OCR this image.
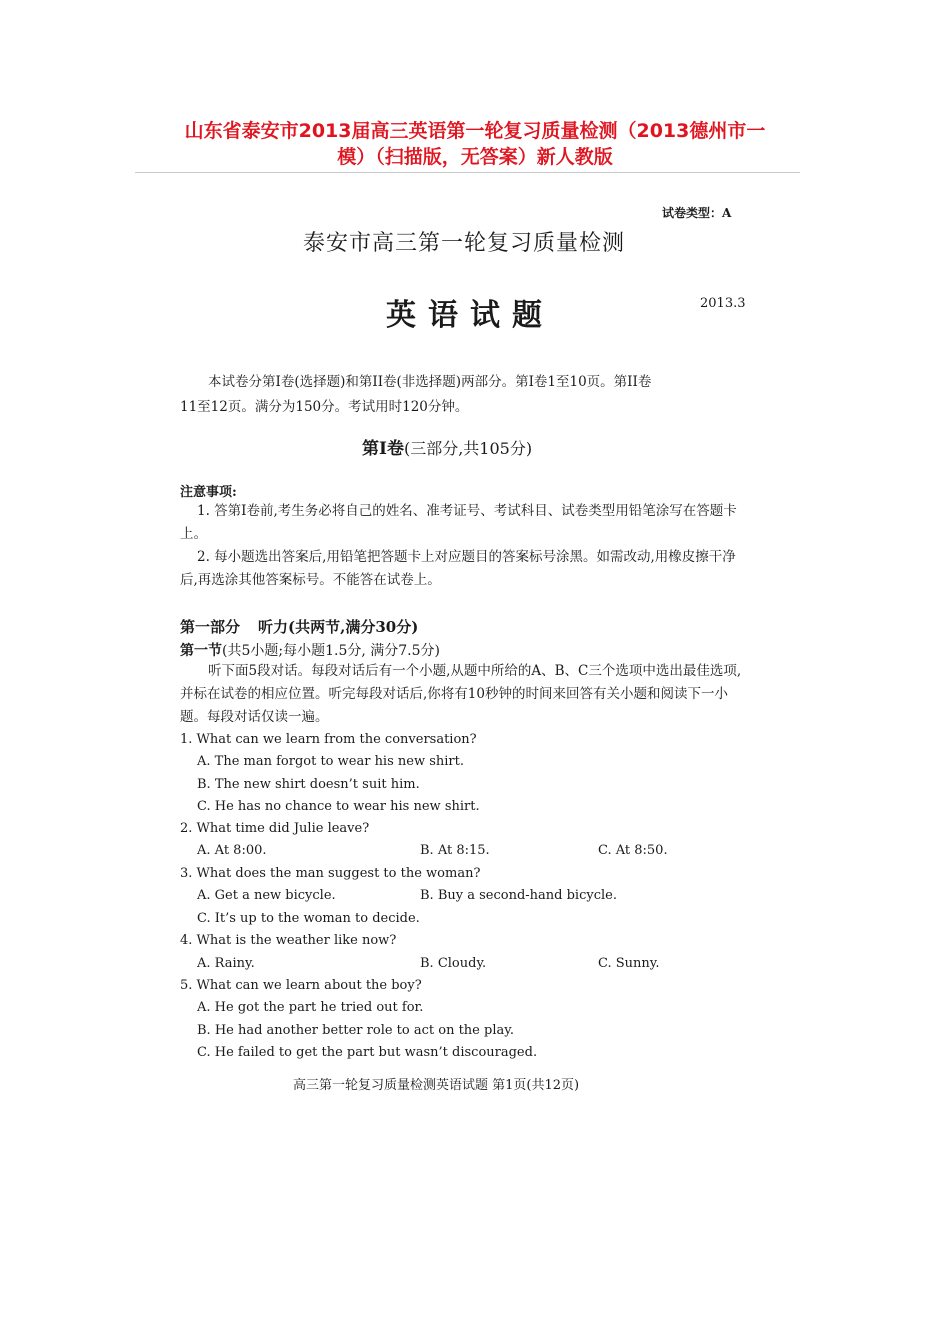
山东省泰安市2013届高三英语第一轮复习质量检测（2013德州市一
模）（扫描版，无答案）新人教版
试卷类型：A
泰安市高三第一轮复习质量检测
英语试题	2013.3

本试卷分第I卷(选择题)和第II卷(非选择题)两部分。第I卷1至10页。第II卷

11至12页。满分为150分。考试用时120分钟。

第I卷(三部分,共105分)
注意事项:

1. 答第I卷前,考生务必将自己的姓名、准考证号、考试科目、试卷类型用铅笔涂写在答题卡上。

2. 每小题选出答案后,用铅笔把答题卡上对应题目的答案标号涂黑。如需改动,用橡皮擦干净后,再选涂其他答案标号。不能答在试卷上。

第一部分 听力(共两节,满分30分)
第一节(共5小题;每小题1.5分, 满分7.5分)

听下面5段对话。每段对话后有一个小题,从题中所给的A、B、C三个选项中选出最佳选项,并标在试卷的相应位置。听完每段对话后,你将有10秒钟的时间来回答有关小题和阅读下一小题。每段对话仅读一遍。

1. What can we learn from the conversation?
A. The man forgot to wear his new shirt.
B. The new shirt doesn’t suit him.
C. He has no chance to wear his new shirt.
2. What time did Julie leave?
A. At 8:00.	B. At 8:15.	C. At 8:50.
3. What does the man suggest to the woman?
A. Get a new bicycle.	B. Buy a second-hand bicycle.
C. It’s up to the woman to decide.
4. What is the weather like now?
A. Rainy.	B. Cloudy.	C. Sunny.
5. What can we learn about the boy?
A. He got the part he tried out for.
B. He had another better role to act on the play.
C. He failed to get the part but wasn’t discouraged.
高三第一轮复习质量检测英语试题 第1页(共12页)
